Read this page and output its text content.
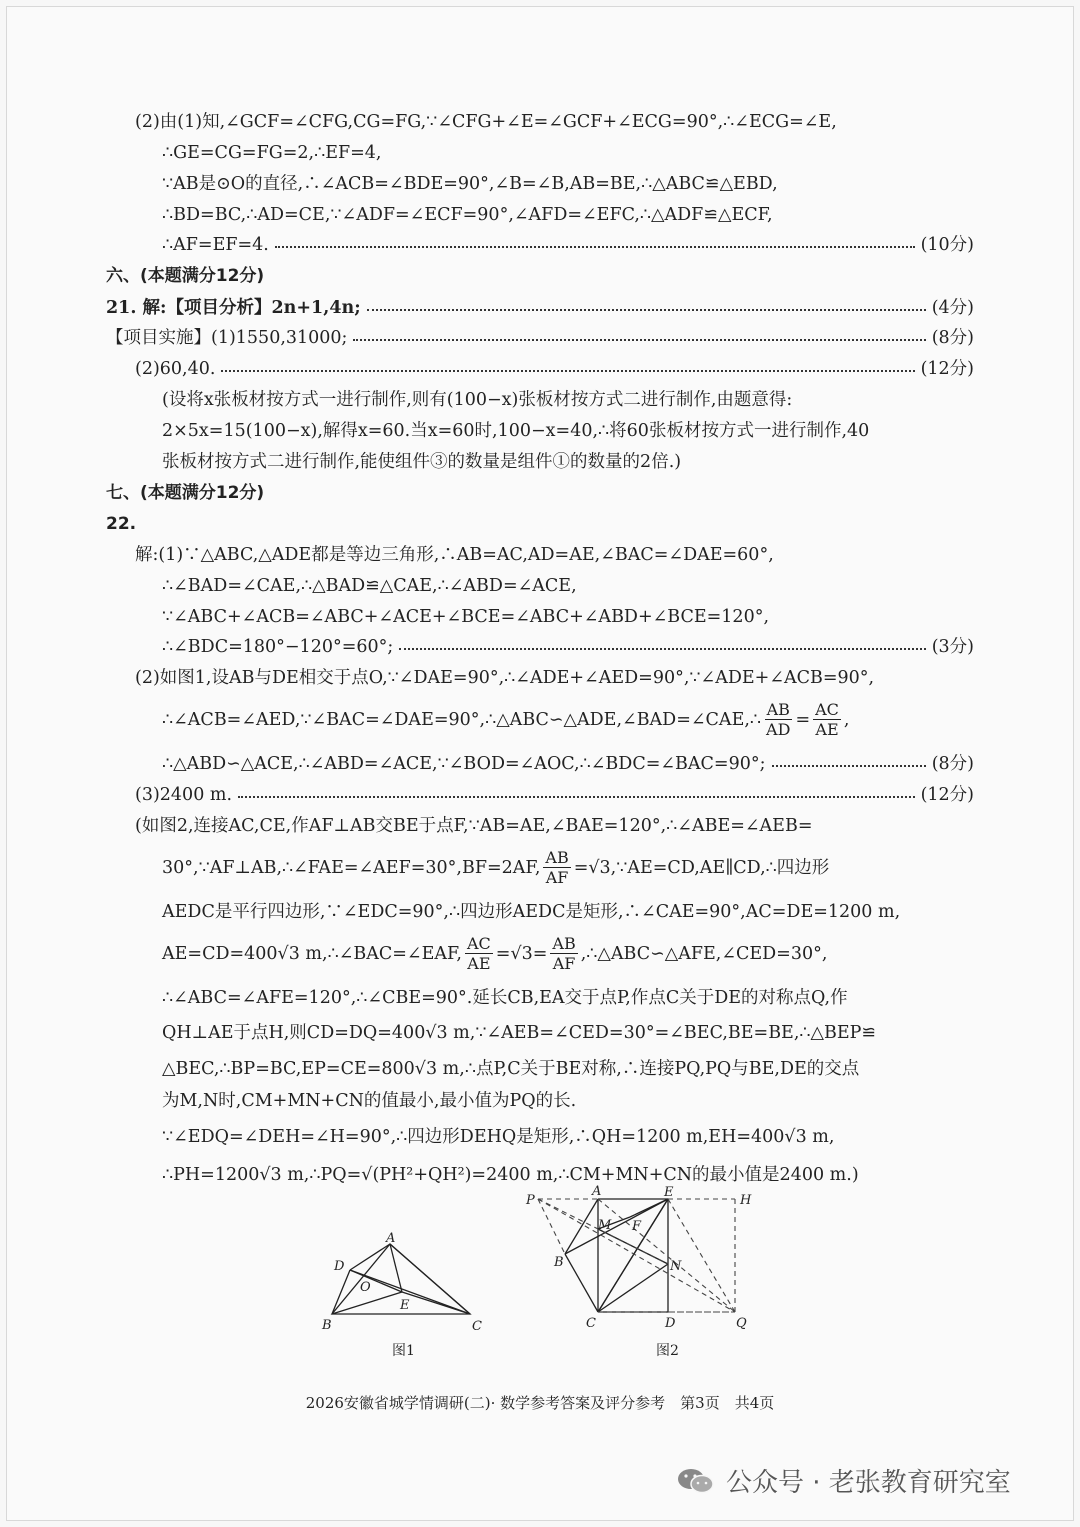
(2)由(1)知,∠GCF=∠CFG,CG=FG,∵∠CFG+∠E=∠GCF+∠ECG=90°,∴∠ECG=∠E,
∴GE=CG=FG=2,∴EF=4,
∵AB是⊙O的直径,∴∠ACB=∠BDE=90°,∠B=∠B,AB=BE,∴△ABC≌△EBD,
∴BD=BC,∴AD=CE,∵∠ADF=∠ECF=90°,∠AFD=∠EFC,∴△ADF≌△ECF,
∴AF=EF=4.	(10分)
六、(本题满分12分)
21. 解:【项目分析】2n+1,4n;	(4分)
【项目实施】(1)1550,31000;	(8分)
(2)60,40.	(12分)
(设将x张板材按方式一进行制作,则有(100−x)张板材按方式二进行制作,由题意得:
2×5x=15(100−x),解得x=60.当x=60时,100−x=40,∴将60张板材按方式一进行制作,40
张板材按方式二进行制作,能使组件③的数量是组件①的数量的2倍.)
七、(本题满分12分)
22.
解:(1)∵△ABC,△ADE都是等边三角形,∴AB=AC,AD=AE,∠BAC=∠DAE=60°,
∴∠BAD=∠CAE,∴△BAD≌△CAE,∴∠ABD=∠ACE,
∵∠ABC+∠ACB=∠ABC+∠ACE+∠BCE=∠ABC+∠ABD+∠BCE=120°,
∴∠BDC=180°−120°=60°;	(3分)
(2)如图1,设AB与DE相交于点O,∵∠DAE=90°,∴∠ADE+∠AED=90°,∵∠ADE+∠ACB=90°,
∴∠ACB=∠AED,∵∠BAC=∠DAE=90°,∴△ABC∽△ADE,∠BAD=∠CAE,∴ $\frac{AB}{AD} = \frac{AC}{AE}$ ,
∴△ABD∽△ACE,∴∠ABD=∠ACE,∵∠BOD=∠AOC,∴∠BDC=∠BAC=90°;	(8分)
(3)2400 m.	(12分)
(如图2,连接AC,CE,作AF⊥AB交BE于点F,∵AB=AE,∠BAE=120°,∴∠ABE=∠AEB=
30°,∵AF⊥AB,∴∠FAE=∠AEF=30°,BF=2AF, $\frac{AB}{AF}$ =√3,∵AE=CD,AE∥CD,∴四边形
AEDC是平行四边形,∵∠EDC=90°,∴四边形AEDC是矩形,∴∠CAE=90°,AC=DE=1200 m,
AE=CD=400√3 m,∴∠BAC=∠EAF, $\frac{AC}{AE} =√3= \frac{AB}{AF}$ ,∴△ABC∽△AFE,∠CED=30°,
∴∠ABC=∠AFE=120°,∴∠CBE=90°.延长CB,EA交于点P,作点C关于DE的对称点Q,作
QH⊥AE于点H,则CD=DQ=400√3 m,∵∠AEB=∠CED=30°=∠BEC,BE=BE,∴△BEP≌
△BEC,∴BP=BC,EP=CE=800√3 m,∴点P,C关于BE对称,∴连接PQ,PQ与BE,DE的交点
为M,N时,CM+MN+CN的值最小,最小值为PQ的长.
∵∠EDQ=∠DEH=∠H=90°,∴四边形DEHQ是矩形,∴QH=1200 m,EH=400√3 m,
∴PH=1200√3 m,∴PQ=√(PH²+QH²)=2400 m,∴CM+MN+CN的最小值是2400 m.)
A
B	C
D
E
O
图1
P
A	E
H
M F
B	N
C	D	Q
图2
2026安徽省城学情调研(二)· 数学参考答案及评分参考　第3页　共4页
公众号 · 老张教育研究室
